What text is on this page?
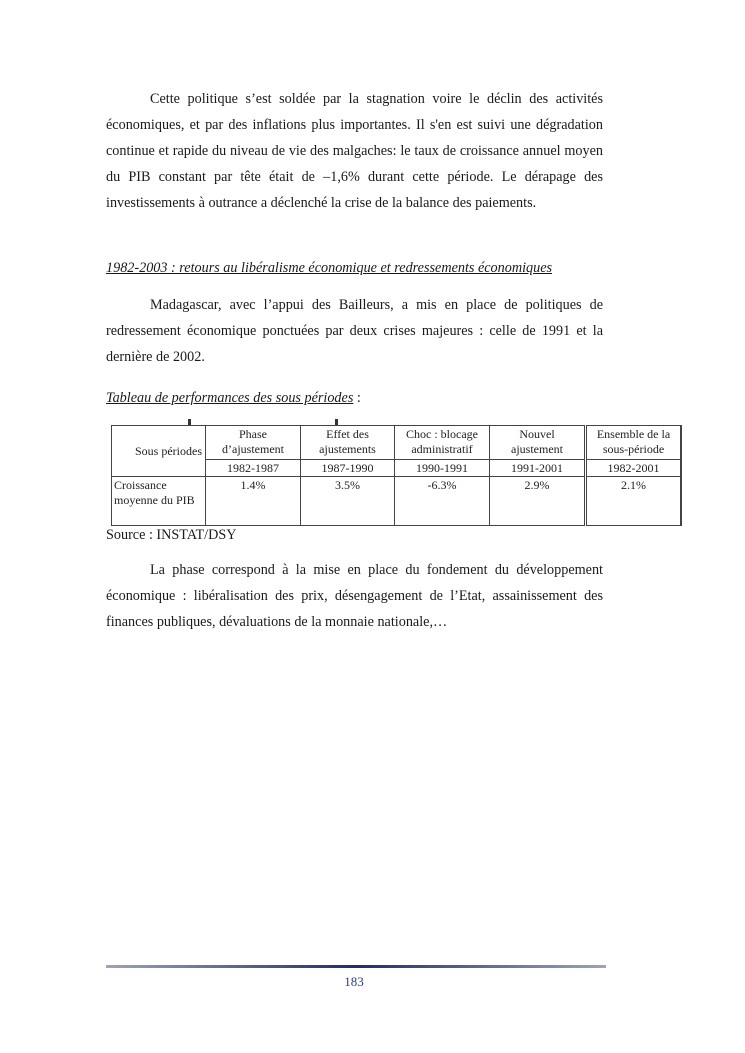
Cette politique s’est soldée par la stagnation voire le déclin des activités économiques, et par des inflations plus importantes. Il s'en est suivi une dégradation continue et rapide du niveau de vie des malgaches: le taux de croissance annuel moyen du PIB constant par tête était de –1,6% durant cette période. Le dérapage des investissements à outrance a déclenché la crise de la balance des paiements.

1982-2003 : retours au libéralisme économique et redressements économiques

Madagascar, avec l’appui des Bailleurs, a mis en place de politiques de redressement économique ponctuées par deux crises majeures : celle de 1991 et la dernière de 2002.

Tableau de performances des sous périodes :

Sous périodes	Phase d’ajustement	Effet des ajustements	Choc : blocage administratif	Nouvel ajustement	Ensemble de la sous-période
	1982-1987	1987-1990	1990-1991	1991-2001	1982-2001
Croissance moyenne du PIB	1.4%	3.5%	-6.3%	2.9%	2.1%

Source : INSTAT/DSY

La phase correspond à la mise en place du fondement du développement économique : libéralisation des prix, désengagement de l’Etat, assainissement des finances publiques, dévaluations de la monnaie nationale,…

183
